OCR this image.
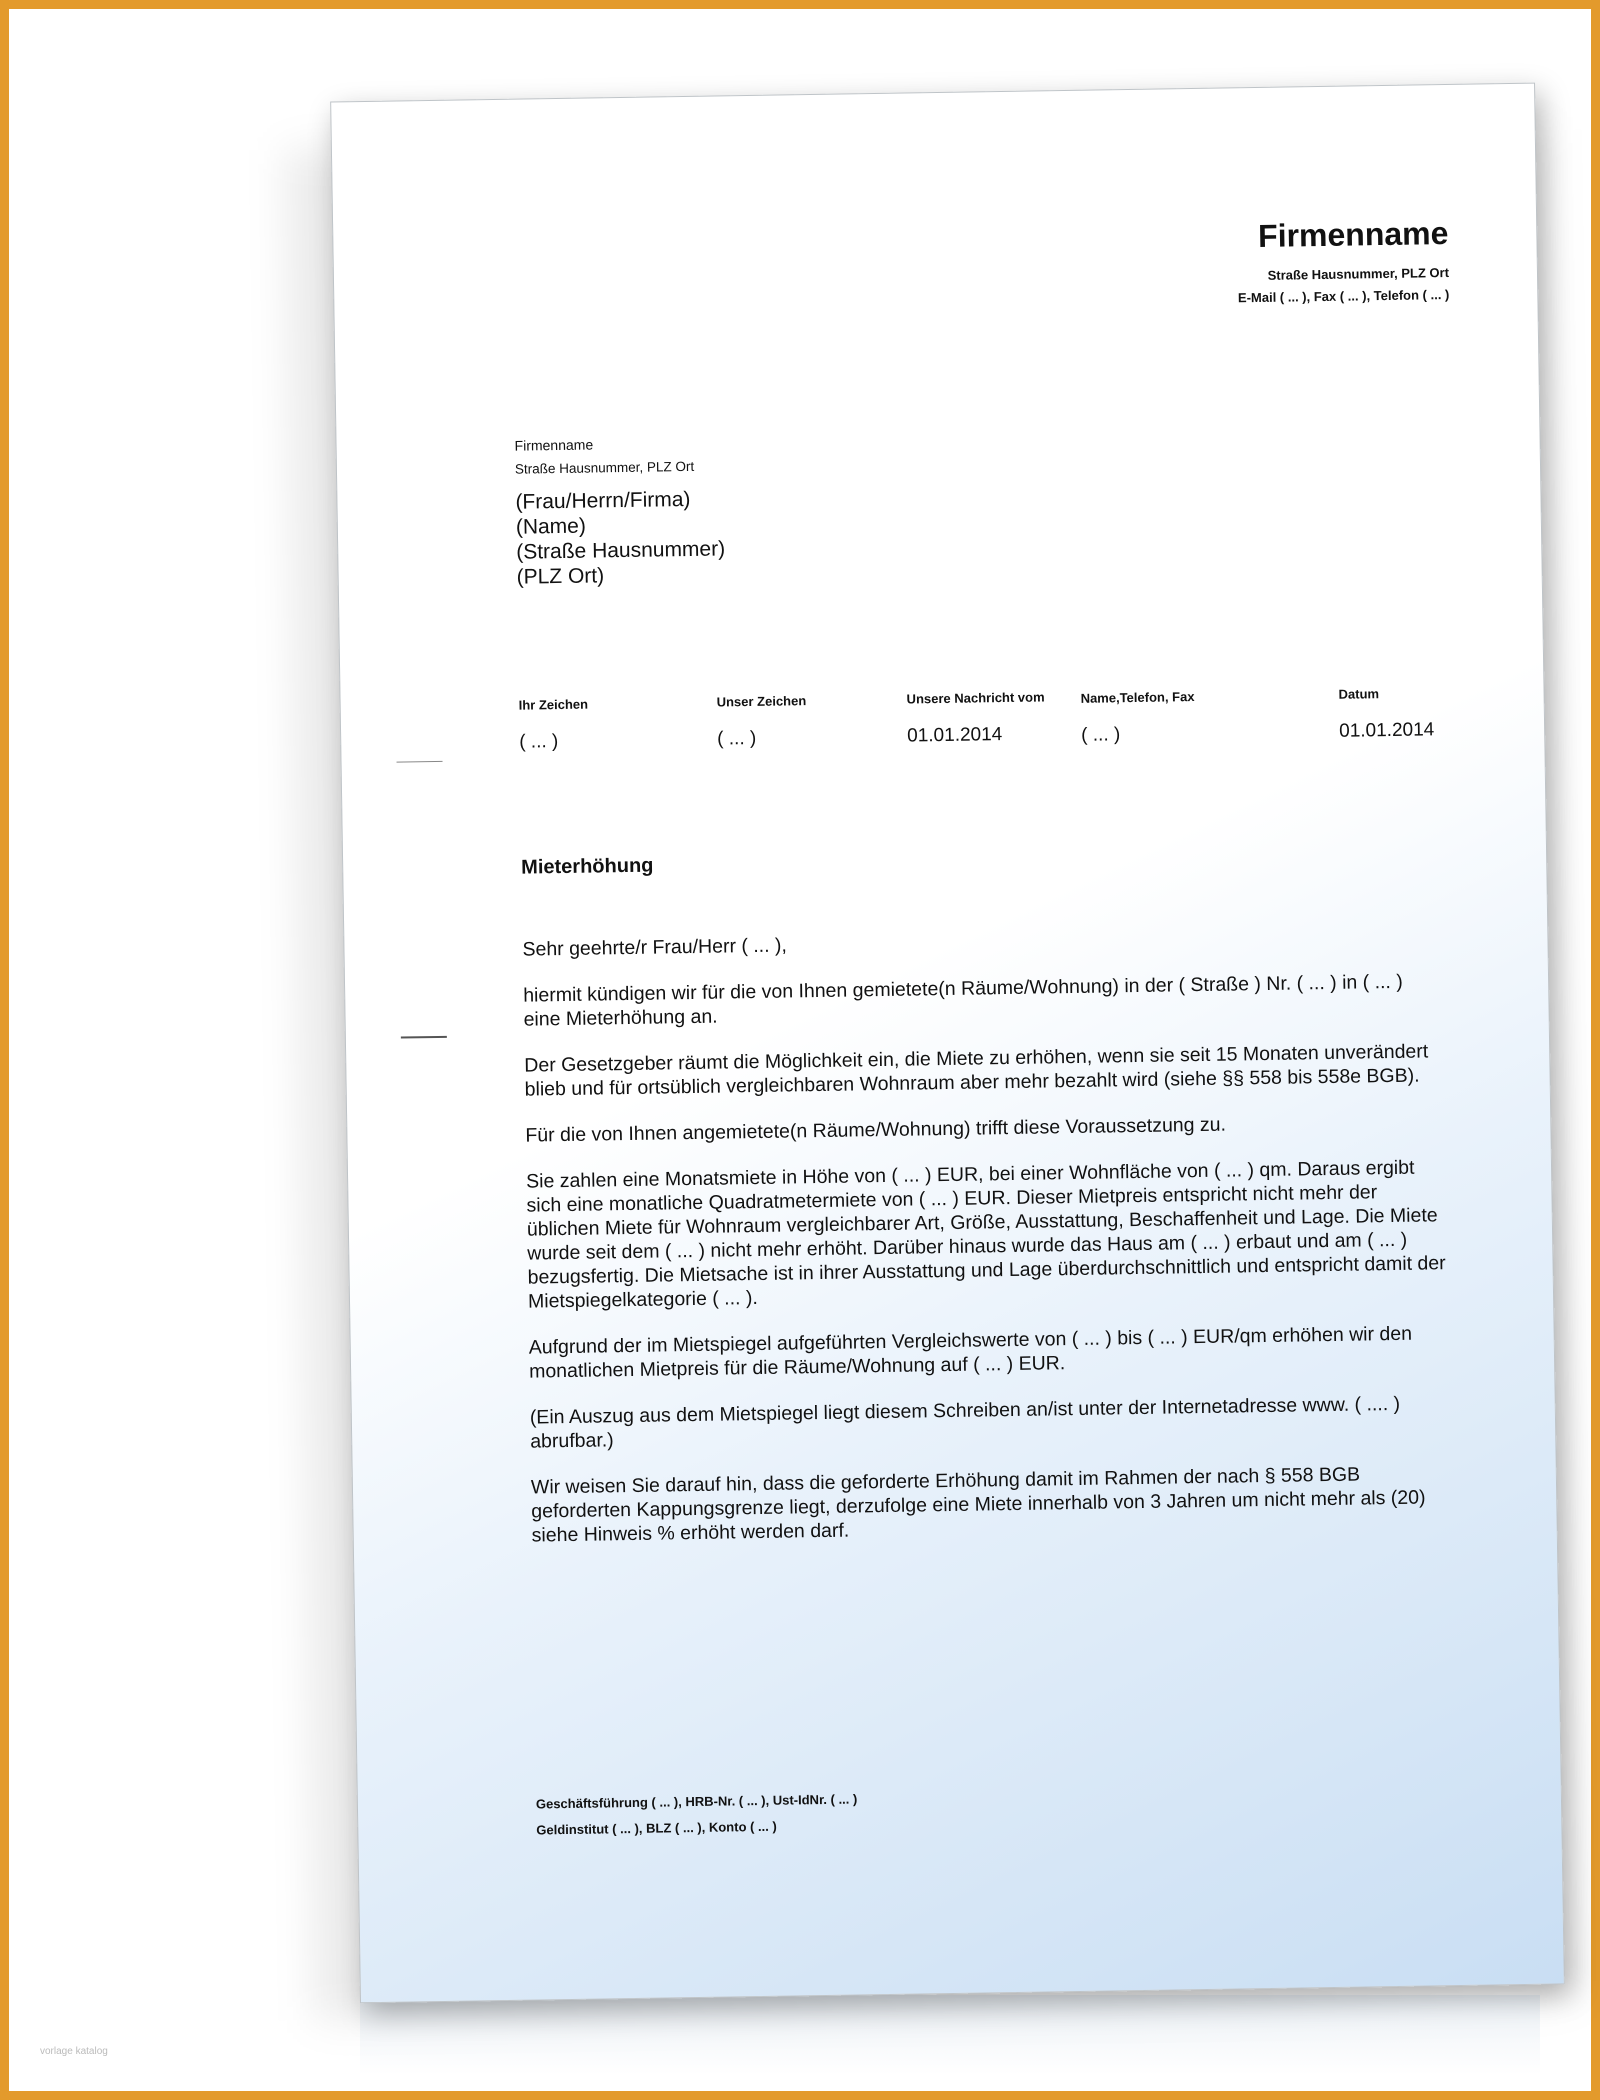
Firmenname
Straße Hausnummer, PLZ Ort
E-Mail ( ... ), Fax ( ... ), Telefon ( ... )
Firmenname
Straße Hausnummer, PLZ Ort
(Frau/Herrn/Firma)
(Name)
(Straße Hausnummer)
(PLZ Ort)
Ihr Zeichen
( ... )
Unser Zeichen
( ... )
Unsere Nachricht vom
01.01.2014
Name,Telefon, Fax
( ... )
Datum
01.01.2014
Mieterhöhung

Sehr geehrte/r Frau/Herr ( ... ),

hiermit kündigen wir für die von Ihnen gemietete(n Räume/Wohnung) in der ( Straße ) Nr. ( ... ) in ( ... ) eine Mieterhöhung an.

Der Gesetzgeber räumt die Möglichkeit ein, die Miete zu erhöhen, wenn sie seit 15 Monaten unverändert blieb und für ortsüblich vergleichbaren Wohnraum aber mehr bezahlt wird (siehe §§ 558 bis 558e BGB).

Für die von Ihnen angemietete(n Räume/Wohnung) trifft diese Voraussetzung zu.

Sie zahlen eine Monatsmiete in Höhe von ( ... ) EUR, bei einer Wohnfläche von ( ... ) qm. Daraus ergibt sich eine monatliche Quadratmetermiete von ( ... ) EUR. Dieser Mietpreis entspricht nicht mehr der üblichen Miete für Wohnraum vergleichbarer Art, Größe, Ausstattung, Beschaffenheit und Lage. Die Miete wurde seit dem ( ... ) nicht mehr erhöht. Darüber hinaus wurde das Haus am ( ... ) erbaut und am ( ... ) bezugsfertig. Die Mietsache ist in ihrer Ausstattung und Lage überdurchschnittlich und entspricht damit der Mietspiegelkategorie ( ... ).

Aufgrund der im Mietspiegel aufgeführten Vergleichswerte von ( ... ) bis ( ... ) EUR/qm erhöhen wir den monatlichen Mietpreis für die Räume/Wohnung auf ( ... ) EUR.

(Ein Auszug aus dem Mietspiegel liegt diesem Schreiben an/ist unter der Internetadresse www. ( .... ) abrufbar.)

Wir weisen Sie darauf hin, dass die geforderte Erhöhung damit im Rahmen der nach § 558 BGB geforderten Kappungsgrenze liegt, derzufolge eine Miete innerhalb von 3 Jahren um nicht mehr als (20) siehe Hinweis % erhöht werden darf.

Geschäftsführung ( ... ), HRB-Nr. ( ... ), Ust-IdNr. ( ... )
Geldinstitut ( ... ), BLZ ( ... ), Konto ( ... )
vorlage katalog
